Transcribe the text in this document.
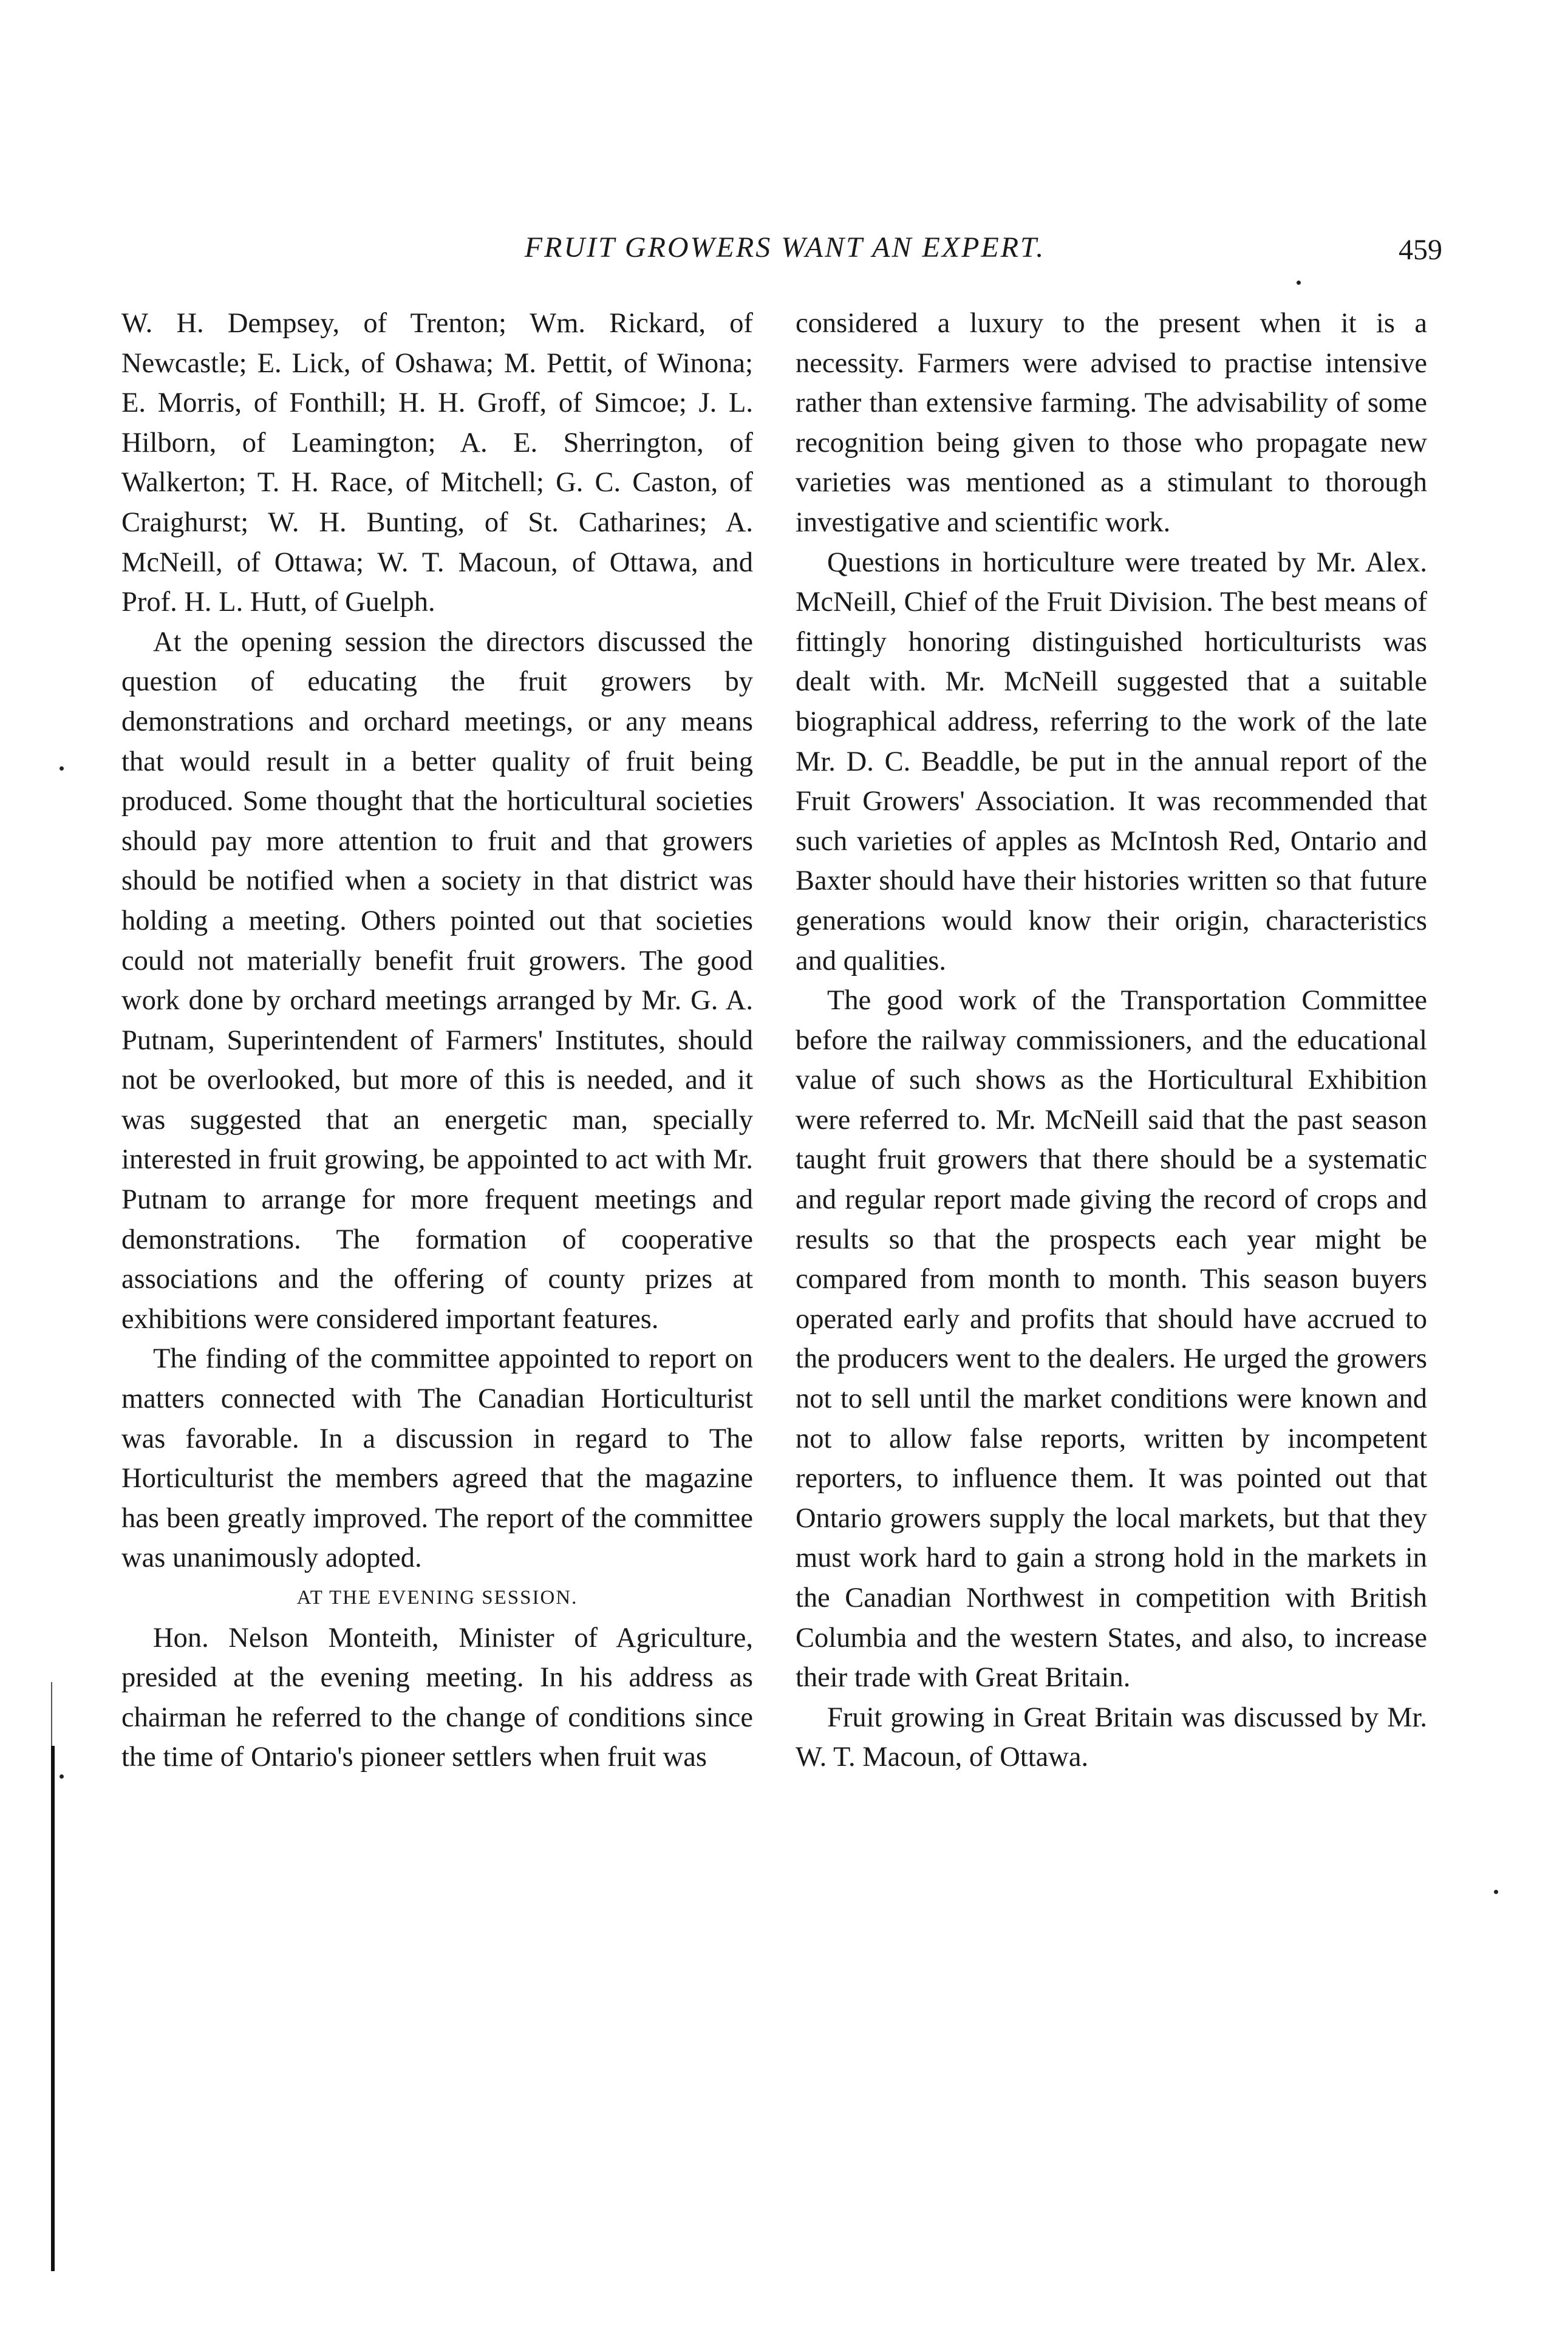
FRUIT GROWERS WANT AN EXPERT.	459

W. H. Dempsey, of Trenton; Wm. Rickard, of Newcastle; E. Lick, of Oshawa; M. Pettit, of Winona; E. Morris, of Fonthill; H. H. Groff, of Simcoe; J. L. Hilborn, of Leamington; A. E. Sherrington, of Walkerton; T. H. Race, of Mitchell; G. C. Caston, of Craighurst; W. H. Bunting, of St. Catharines; A. McNeill, of Ottawa; W. T. Macoun, of Ottawa, and Prof. H. L. Hutt, of Guelph.

At the opening session the directors discussed the question of educating the fruit growers by demonstrations and orchard meetings, or any means that would result in a better quality of fruit being produced. Some thought that the horticultural societies should pay more attention to fruit and that growers should be notified when a society in that district was holding a meeting. Others pointed out that societies could not materially benefit fruit growers. The good work done by orchard meetings arranged by Mr. G. A. Putnam, Superintendent of Farmers' Institutes, should not be overlooked, but more of this is needed, and it was suggested that an energetic man, specially interested in fruit growing, be appointed to act with Mr. Putnam to arrange for more frequent meetings and demonstrations. The formation of cooperative associations and the offering of county prizes at exhibitions were considered important features.

The finding of the committee appointed to report on matters connected with The Canadian Horticulturist was favorable. In a discussion in regard to The Horticulturist the members agreed that the magazine has been greatly improved. The report of the committee was unanimously adopted.

AT THE EVENING SESSION.

Hon. Nelson Monteith, Minister of Agriculture, presided at the evening meeting. In his address as chairman he referred to the change of conditions since the time of Ontario's pioneer settlers when fruit was

considered a luxury to the present when it is a necessity. Farmers were advised to practise intensive rather than extensive farming. The advisability of some recognition being given to those who propagate new varieties was mentioned as a stimulant to thorough investigative and scientific work.

Questions in horticulture were treated by Mr. Alex. McNeill, Chief of the Fruit Division. The best means of fittingly honoring distinguished horticulturists was dealt with. Mr. McNeill suggested that a suitable biographical address, referring to the work of the late Mr. D. C. Beaddle, be put in the annual report of the Fruit Growers' Association. It was recommended that such varieties of apples as McIntosh Red, Ontario and Baxter should have their histories written so that future generations would know their origin, characteristics and qualities.

The good work of the Transportation Committee before the railway commissioners, and the educational value of such shows as the Horticultural Exhibition were referred to. Mr. McNeill said that the past season taught fruit growers that there should be a systematic and regular report made giving the record of crops and results so that the prospects each year might be compared from month to month. This season buyers operated early and profits that should have accrued to the producers went to the dealers. He urged the growers not to sell until the market conditions were known and not to allow false reports, written by incompetent reporters, to influence them. It was pointed out that Ontario growers supply the local markets, but that they must work hard to gain a strong hold in the markets in the Canadian Northwest in competition with British Columbia and the western States, and also, to increase their trade with Great Britain.

Fruit growing in Great Britain was discussed by Mr. W. T. Macoun, of Ottawa.
